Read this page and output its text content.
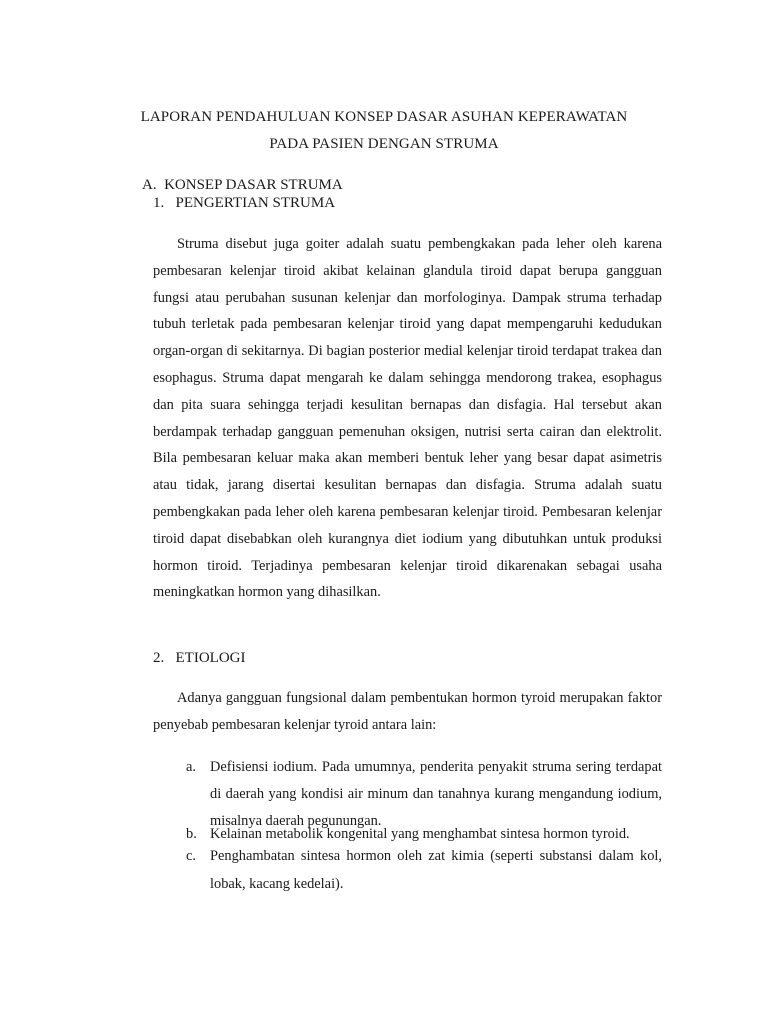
LAPORAN PENDAHULUAN KONSEP DASAR ASUHAN KEPERAWATAN
PADA PASIEN DENGAN STRUMA
A.  KONSEP DASAR STRUMA
1.   PENGERTIAN STRUMA

Struma disebut juga goiter adalah suatu pembengkakan pada leher oleh karena pembesaran kelenjar tiroid akibat kelainan glandula tiroid dapat berupa gangguan fungsi atau perubahan susunan kelenjar dan morfologinya. Dampak struma terhadap tubuh terletak pada pembesaran kelenjar tiroid yang dapat mempengaruhi kedudukan organ-organ di sekitarnya. Di bagian posterior medial kelenjar tiroid terdapat trakea dan esophagus. Struma dapat mengarah ke dalam sehingga mendorong trakea, esophagus dan pita suara sehingga terjadi kesulitan bernapas dan disfagia. Hal tersebut akan berdampak terhadap gangguan pemenuhan oksigen, nutrisi serta cairan dan elektrolit. Bila pembesaran keluar maka akan memberi bentuk leher yang besar dapat asimetris atau tidak, jarang disertai kesulitan bernapas dan disfagia. Struma adalah suatu pembengkakan pada leher oleh karena pembesaran kelenjar tiroid. Pembesaran kelenjar tiroid dapat disebabkan oleh kurangnya diet iodium yang dibutuhkan untuk produksi hormon tiroid. Terjadinya pembesaran kelenjar tiroid dikarenakan sebagai usaha meningkatkan hormon yang dihasilkan.

2.   ETIOLOGI

Adanya gangguan fungsional dalam pembentukan hormon tyroid merupakan faktor penyebab pembesaran kelenjar tyroid antara lain:

a. Defisiensi iodium. Pada umumnya, penderita penyakit struma sering terdapat di daerah yang kondisi air minum dan tanahnya kurang mengandung iodium, misalnya daerah pegunungan.
b. Kelainan metabolik kongenital yang menghambat sintesa hormon tyroid.
c. Penghambatan sintesa hormon oleh zat kimia (seperti substansi dalam kol, lobak, kacang kedelai).
